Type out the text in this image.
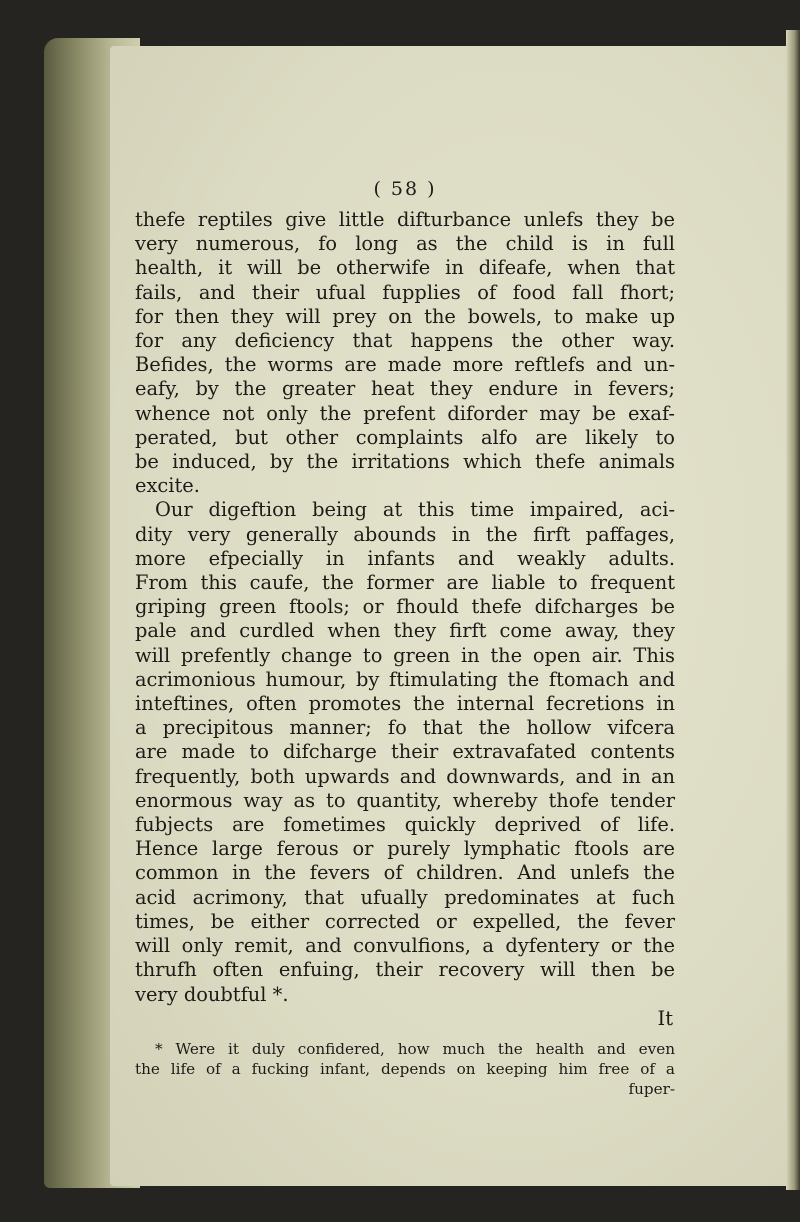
( 58 )
thefe reptiles give little difturbance unlefs they be
very numerous, fo long as the child is in full
health, it will be otherwife in difeafe, when that
fails, and their ufual fupplies of food fall fhort;
for then they will prey on the bowels, to make up
for any deficiency that happens the other way.
Befides, the worms are made more reftlefs and un-
eafy, by the greater heat they endure in fevers;
whence not only the prefent diforder may be exaf-
perated, but other complaints alfo are likely to
be induced, by the irritations which thefe animals
excite.
Our digeftion being at this time impaired, aci-
dity very generally abounds in the firft paffages,
more efpecially in infants and weakly adults.
From this caufe, the former are liable to frequent
griping green ftools; or fhould thefe difcharges be
pale and curdled when they firft come away, they
will prefently change to green in the open air. This
acrimonious humour, by ftimulating the ftomach and
inteftines, often promotes the internal fecretions in
a precipitous manner; fo that the hollow vifcera
are made to difcharge their extravafated contents
frequently, both upwards and downwards, and in an
enormous way as to quantity, whereby thofe tender
fubjects are fometimes quickly deprived of life.
Hence large ferous or purely lymphatic ftools are
common in the fevers of children. And unlefs the
acid acrimony, that ufually predominates at fuch
times, be either corrected or expelled, the fever
will only remit, and convulfions, a dyfentery or the
thrufh often enfuing, their recovery will then be
very doubtful *.
It
* Were it duly confidered, how much the health and even
the life of a fucking infant, depends on keeping him free of a
fuper-
